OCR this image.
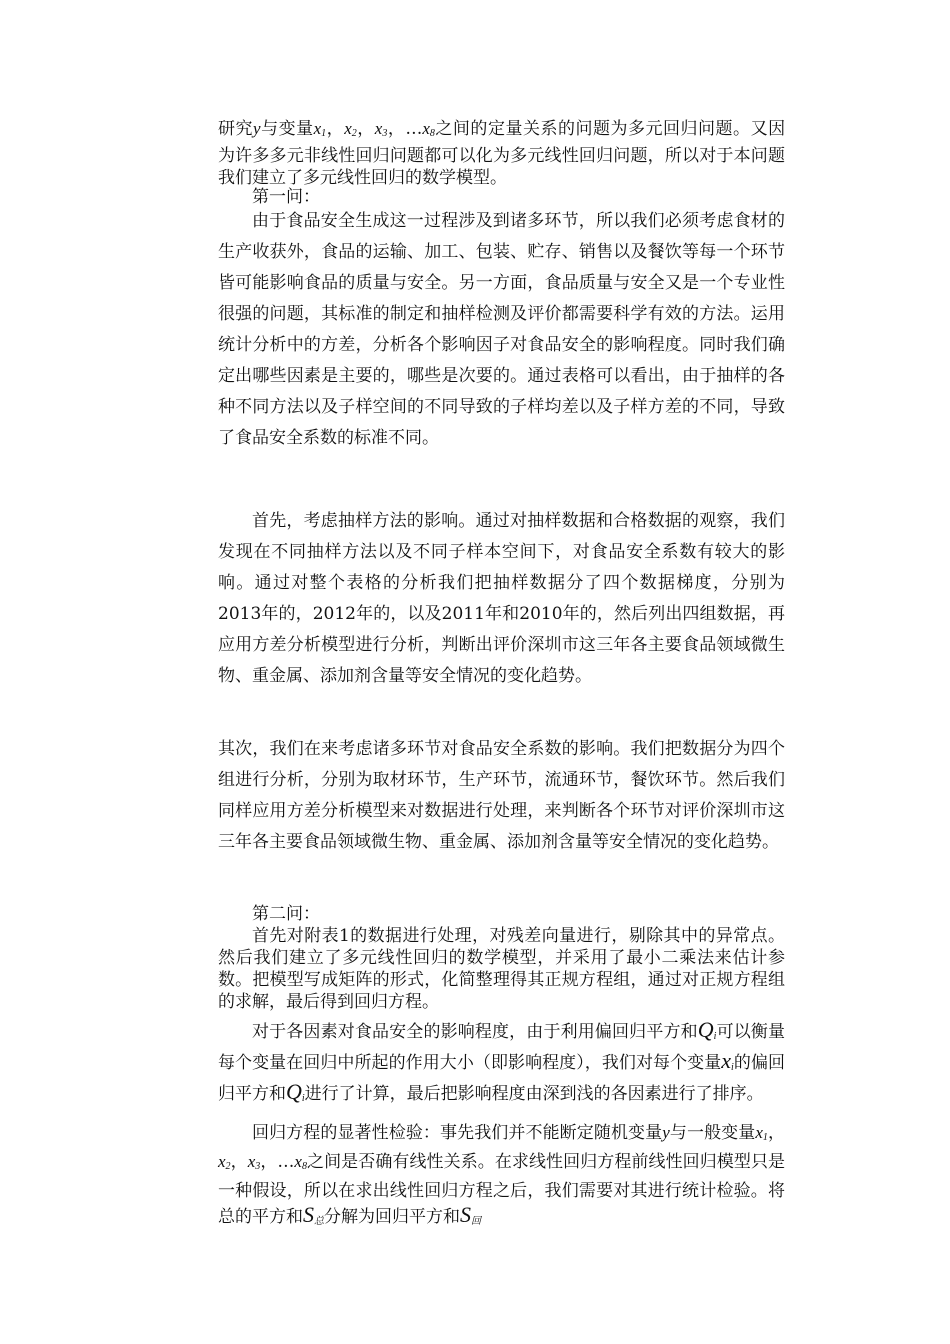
研究y与变量$x_1$，$x_2$，$x_3$，$\dots x_8$之间的定量关系的问题为多元回归问题。又因为许多多元非线性回归问题都可以化为多元线性回归问题，所以对于本问题我们建立了多元线性回归的数学模型。

第一问：

由于食品安全生成这一过程涉及到诸多环节，所以我们必须考虑食材的生产收获外，食品的运输、加工、包装、贮存、销售以及餐饮等每一个环节皆可能影响食品的质量与安全。另一方面，食品质量与安全又是一个专业性很强的问题，其标准的制定和抽样检测及评价都需要科学有效的方法。运用统计分析中的方差，分析各个影响因子对食品安全的影响程度。同时我们确定出哪些因素是主要的，哪些是次要的。通过表格可以看出，由于抽样的各种不同方法以及子样空间的不同导致的子样均差以及子样方差的不同，导致了食品安全系数的标准不同。

首先，考虑抽样方法的影响。通过对抽样数据和合格数据的观察，我们发现在不同抽样方法以及不同子样本空间下，对食品安全系数有较大的影响。通过对整个表格的分析我们把抽样数据分了四个数据梯度，分别为2013年的，2012年的，以及2011年和2010年的，然后列出四组数据，再应用方差分析模型进行分析，判断出评价深圳市这三年各主要食品领域微生物、重金属、添加剂含量等安全情况的变化趋势。

其次，我们在来考虑诸多环节对食品安全系数的影响。我们把数据分为四个组进行分析，分别为取材环节，生产环节，流通环节，餐饮环节。然后我们同样应用方差分析模型来对数据进行处理，来判断各个环节对评价深圳市这三年各主要食品领域微生物、重金属、添加剂含量等安全情况的变化趋势。

第二问：

首先对附表1的数据进行处理，对残差向量进行，剔除其中的异常点。然后我们建立了多元线性回归的数学模型，并采用了最小二乘法来估计参数。把模型写成矩阵的形式，化简整理得其正规方程组，通过对正规方程组的求解，最后得到回归方程。

对于各因素对食品安全的影响程度，由于利用偏回归平方和$Q_i$可以衡量每个变量在回归中所起的作用大小（即影响程度），我们对每个变量$x_i$的偏回归平方和$Q_i$进行了计算，最后把影响程度由深到浅的各因素进行了排序。

回归方程的显著性检验：事先我们并不能断定随机变量y与一般变量$x_1$，$x_2$，$x_3$，$\dots x_8$之间是否确有线性关系。在求线性回归方程前线性回归模型只是一种假设，所以在求出线性回归方程之后，我们需要对其进行统计检验。将总的平方和$S_总$分解为回归平方和$S_回$
